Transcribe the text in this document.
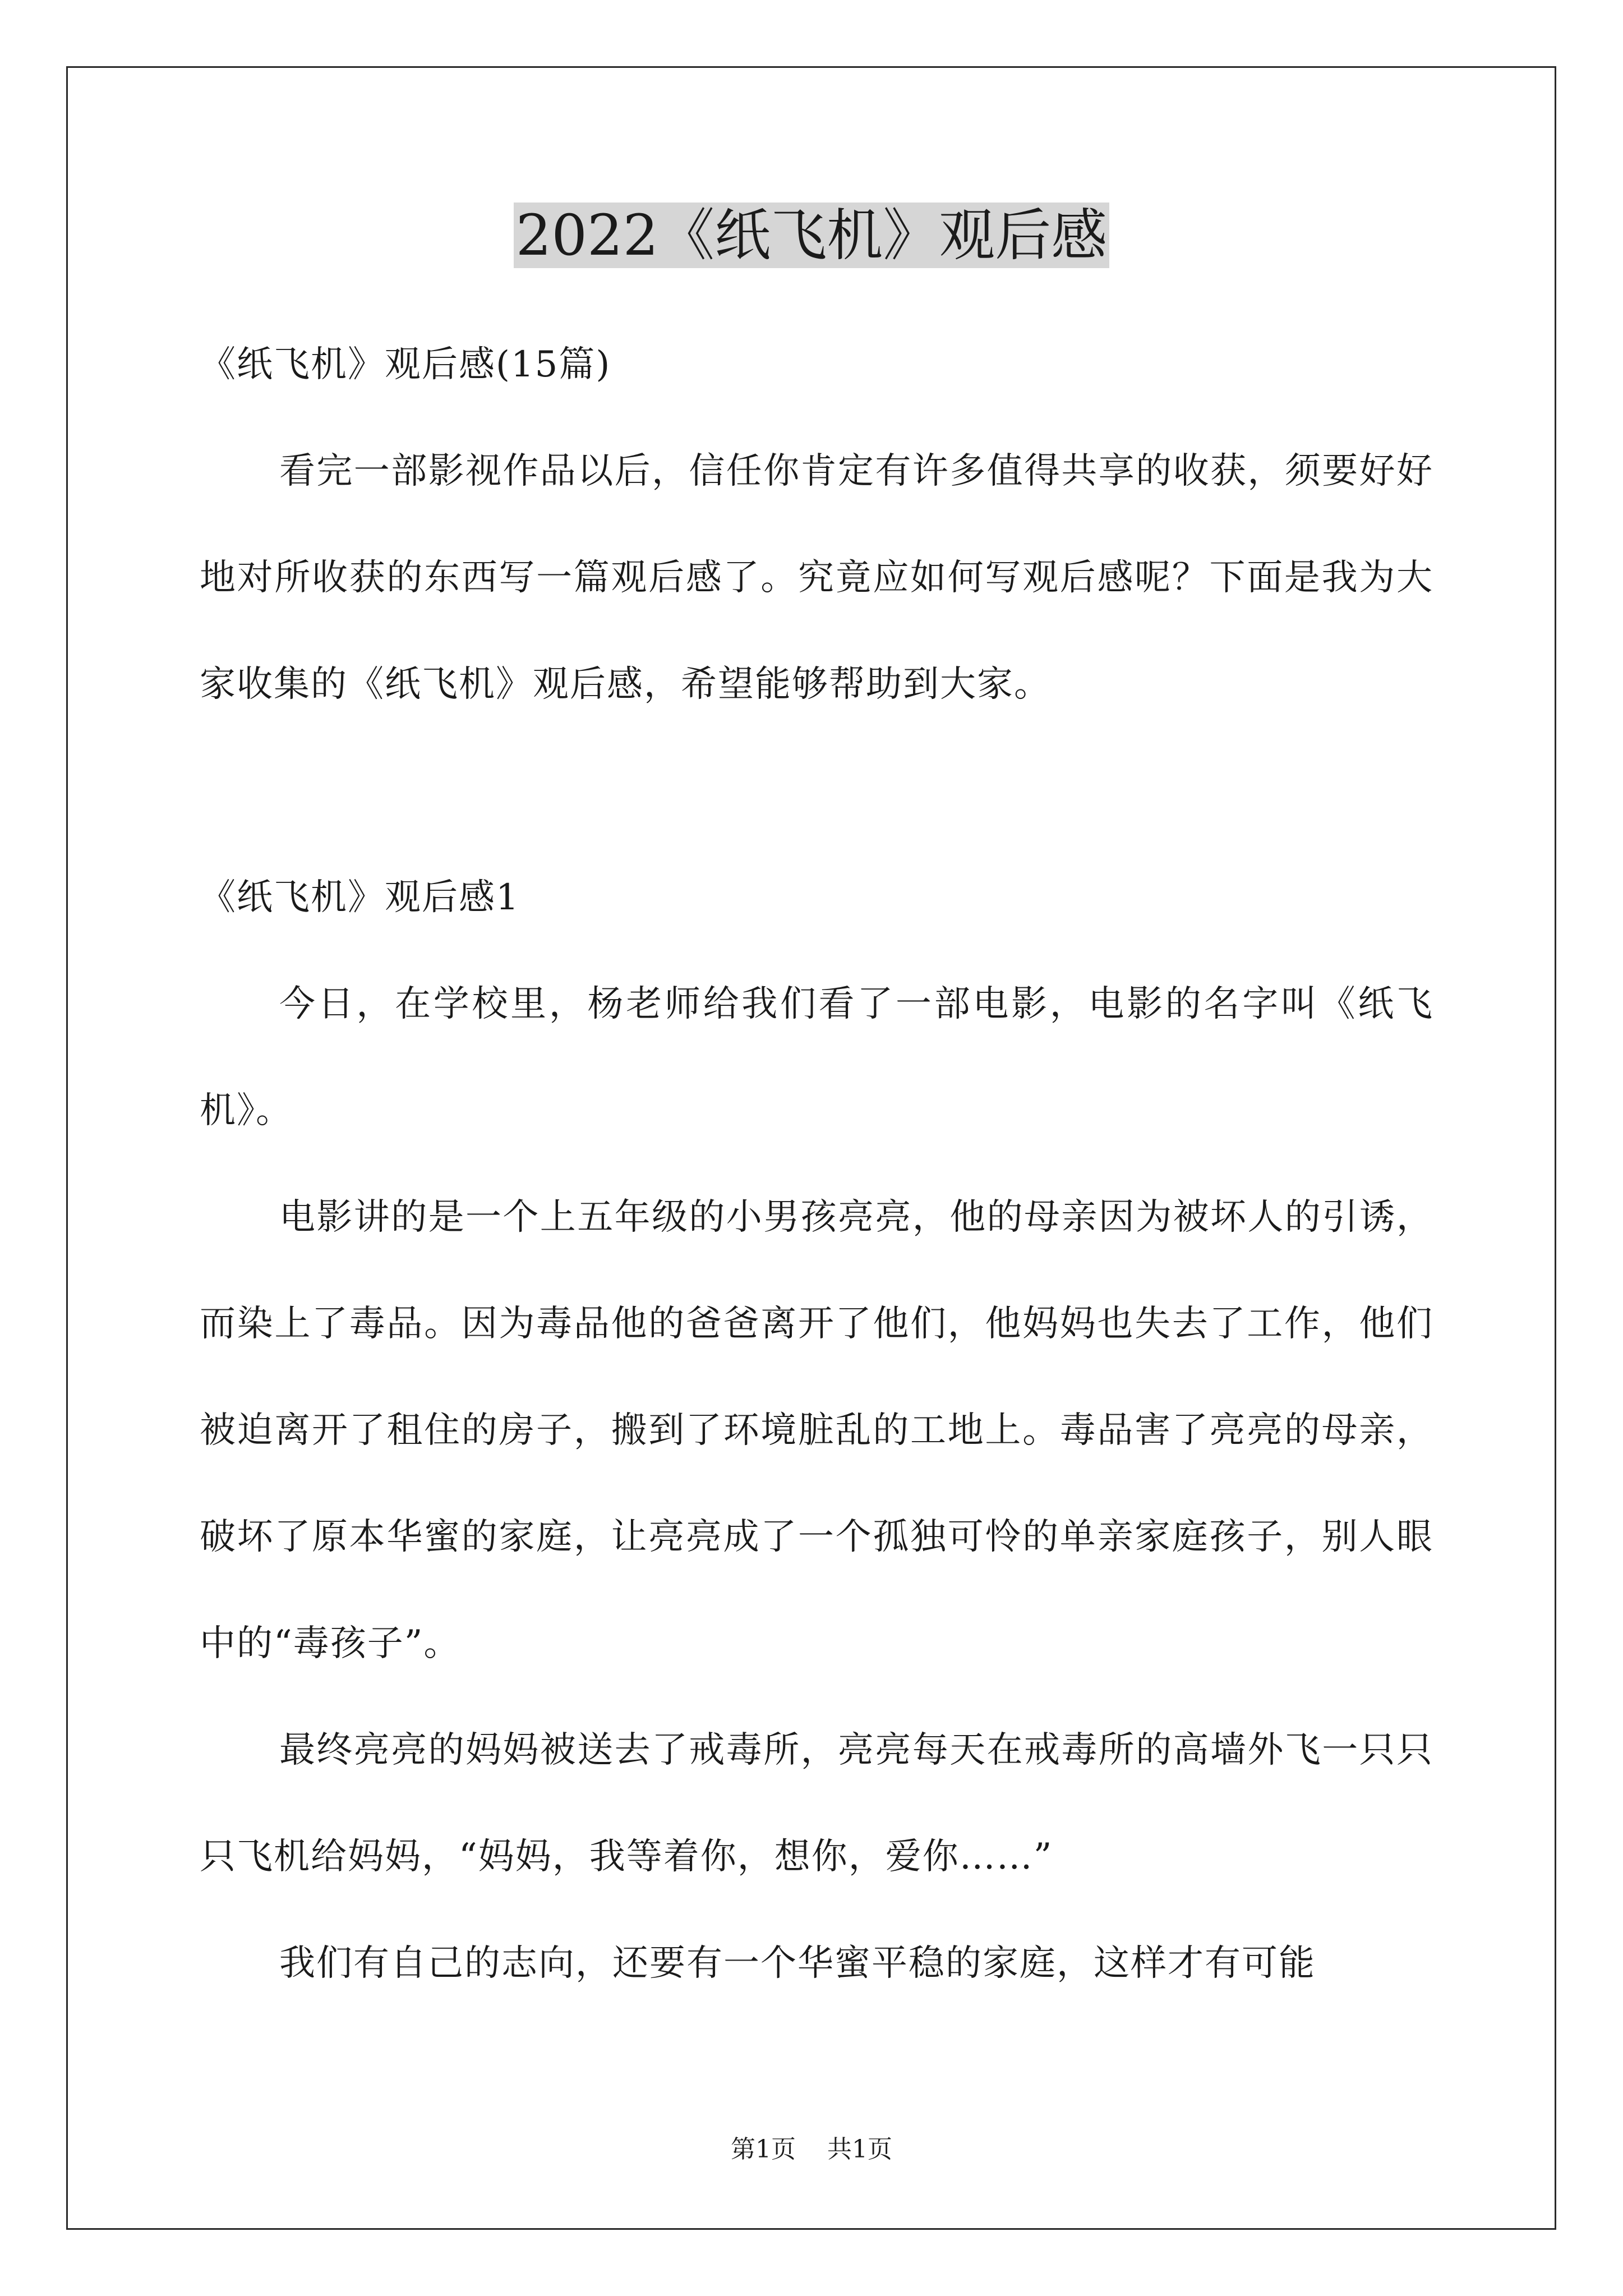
2022《纸飞机》观后感

《纸飞机》观后感(15篇)

看完一部影视作品以后，信任你肯定有许多值得共享的收获，须要好好地对所收获的东西写一篇观后感了。究竟应如何写观后感呢？下面是我为大家收集的《纸飞机》观后感，希望能够帮助到大家。

《纸飞机》观后感1

今日，在学校里，杨老师给我们看了一部电影，电影的名字叫《纸飞机》。

电影讲的是一个上五年级的小男孩亮亮，他的母亲因为被坏人的引诱，而染上了毒品。因为毒品他的爸爸离开了他们，他妈妈也失去了工作，他们被迫离开了租住的房子，搬到了环境脏乱的工地上。毒品害了亮亮的母亲，破坏了原本华蜜的家庭，让亮亮成了一个孤独可怜的单亲家庭孩子，别人眼中的“毒孩子”。

最终亮亮的妈妈被送去了戒毒所，亮亮每天在戒毒所的高墙外飞一只只只飞机给妈妈，“妈妈，我等着你，想你，爱你……”

我们有自己的志向，还要有一个华蜜平稳的家庭，这样才有可能

第1页    共1页
